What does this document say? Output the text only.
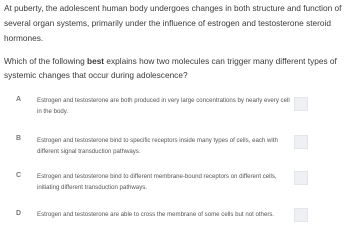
At puberty, the adolescent human body undergoes changes in both structure and function of several organ systems, primarily under the influence of estrogen and testosterone steroid hormones.

Which of the following best explains how two molecules can trigger many different types of systemic changes that occur during adolescence?

A	Estrogen and testosterone are both produced in very large concentrations by nearly every cell in the body.
B	Estrogen and testosterone bind to specific receptors inside many types of cells, each with different signal transduction pathways.
C	Estrogen and testosterone bind to different membrane-bound receptors on different cells, initiating different transduction pathways.
D	Estrogen and testosterone are able to cross the membrane of some cells but not others.
